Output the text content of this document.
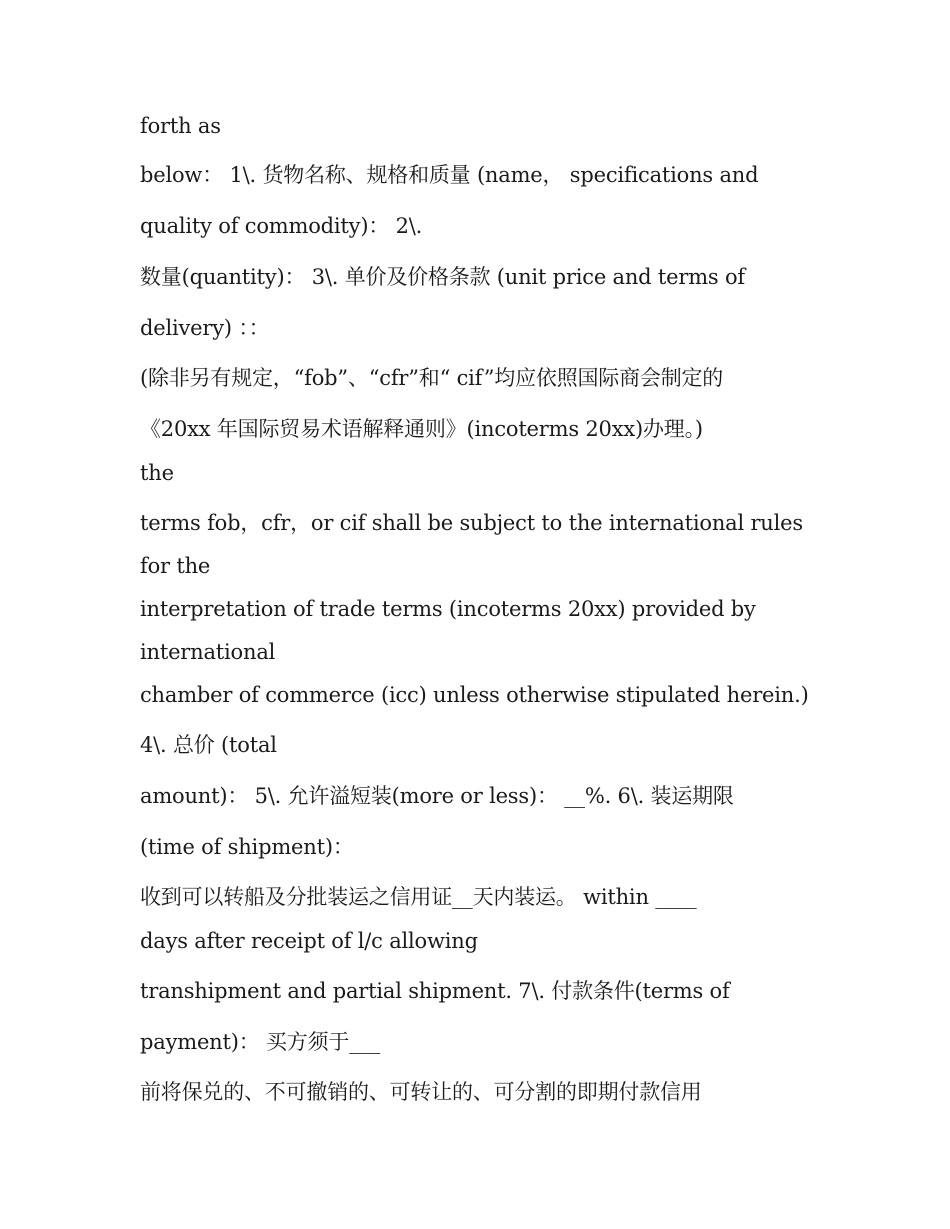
forth as
below： 1\. 货物名称、规格和质量 (name， specifications and
quality of commodity)： 2\.
数量(quantity)： 3\. 单价及价格条款 (unit price and terms of
delivery) ：：
(除非另有规定，“fob”、“cfr”和“ cif”均应依照国际商会制定的
《20xx 年国际贸易术语解释通则》(incoterms 20xx)办理。)
the
terms fob，cfr，or cif shall be subject to the international rules
for the
interpretation of trade terms (incoterms 20xx) provided by
international
chamber of commerce (icc) unless otherwise stipulated herein.)
4\. 总价 (total
amount)： 5\. 允许溢短装(more or less)： __%. 6\. 装运期限
(time of shipment)：
收到可以转船及分批装运之信用证__天内装运。 within ____
days after receipt of l/c allowing
transhipment and partial shipment. 7\. 付款条件(terms of
payment)： 买方须于___
前将保兑的、不可撤销的、可转让的、可分割的即期付款信用
